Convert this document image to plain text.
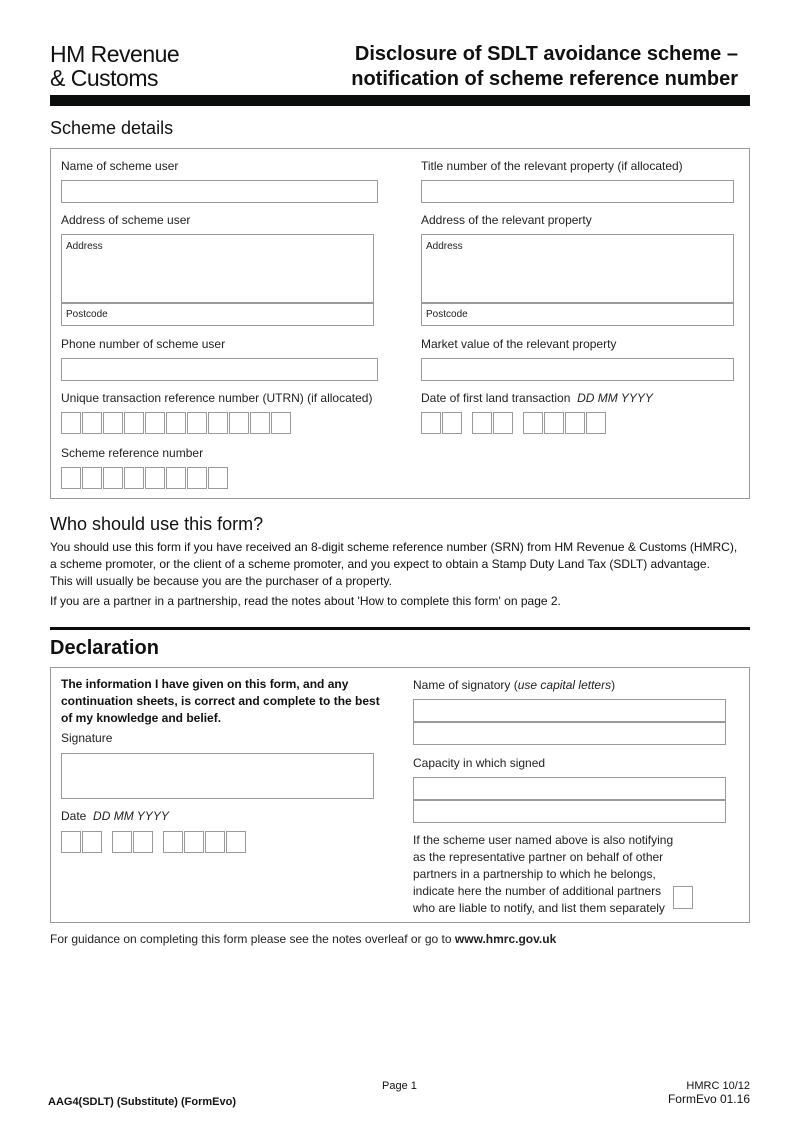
HM Revenue
& Customs
Disclosure of SDLT avoidance scheme –
notification of scheme reference number
Scheme details
Name of scheme user	Title number of the relevant property (if allocated)
Address of scheme user
Address
Postcode
Address of the relevant property
Address
Postcode
Phone number of scheme user	Market value of the relevant property
Unique transaction reference number (UTRN) (if allocated)	Date of first land transaction DD MM YYYY
Scheme reference number
Who should use this form?
You should use this form if you have received an 8-digit scheme reference number (SRN) from HM Revenue & Customs (HMRC),
a scheme promoter, or the client of a scheme promoter, and you expect to obtain a Stamp Duty Land Tax (SDLT) advantage.
This will usually be because you are the purchaser of a property.
If you are a partner in a partnership, read the notes about 'How to complete this form' on page 2.
Declaration
The information I have given on this form, and any
continuation sheets, is correct and complete to the best
of my knowledge and belief.
Signature
Date DD MM YYYY
Name of signatory (use capital letters)
Capacity in which signed
If the scheme user named above is also notifying
as the representative partner on behalf of other
partners in a partnership to which he belongs,
indicate here the number of additional partners
who are liable to notify, and list them separately
For guidance on completing this form please see the notes overleaf or go to www.hmrc.gov.uk
Page 1
AAG4(SDLT) (Substitute) (FormEvo)
HMRC 10/12
FormEvo 01.16
